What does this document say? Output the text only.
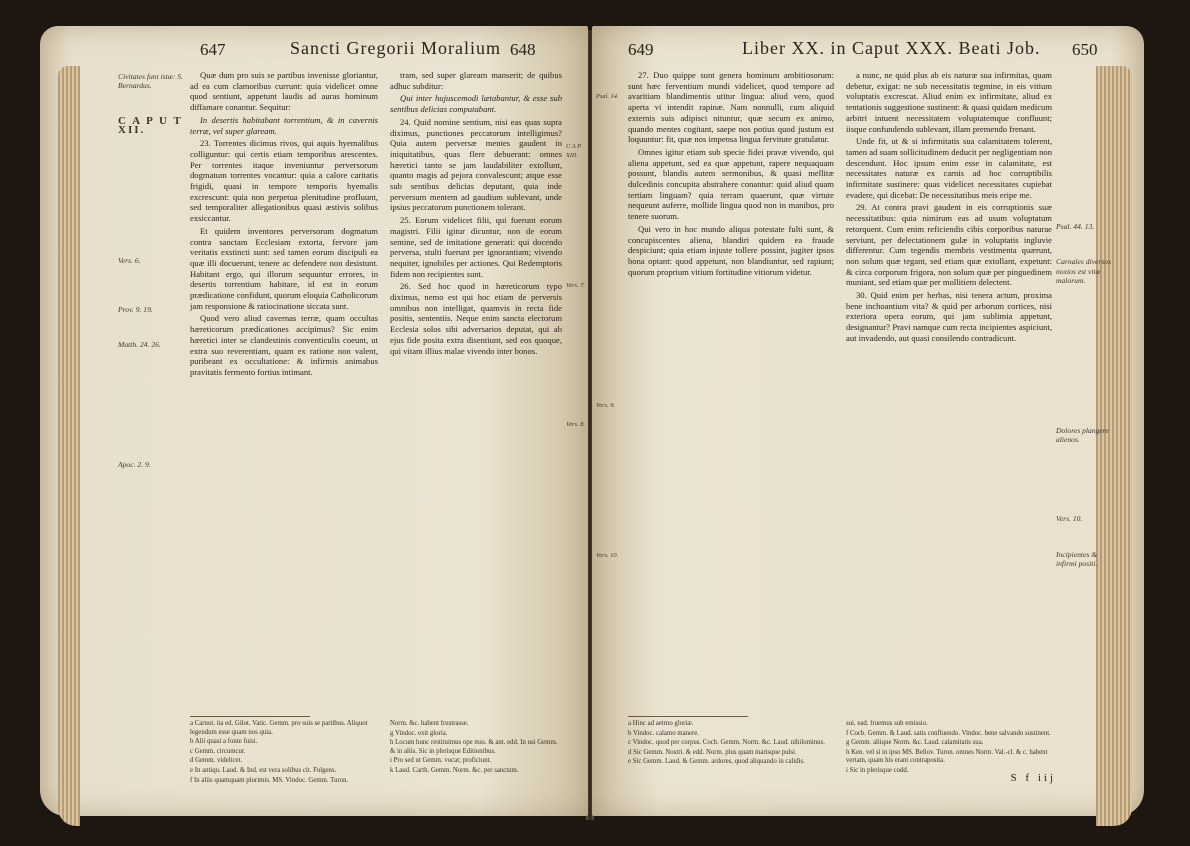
647	Sancti Gregorii Moralium 648
Civitates funt istæ: S. Bernardus.
C A P U T XII.
Vers. 6.
Prov. 9. 19.
Matth. 24. 26.
Apoc. 2. 9.
C A P. XIII.
Vers. 7.
Vers. 8.

Quæ dum pro suis se partibus invenisse gloriantur, ad ea cum clamoribus currunt: quia videlicet omne quod sentiunt, appetunt laudis ad auras hominum diffamare conantur. Sequitur:

In desertis habitabant torrentium, & in cavernis terræ, vel super glaream.

23. Torrentes dicimus rivos, qui aquis hyemalibus colliguntur: qui certis etiam temporibus arescentes. Per torrentes itaque inveniuntur perversorum dogmatum torrentes vocantur: quia a calore caritatis frigidi, quasi in tempore temporis hyemalis excrescunt: quia non perpetua plenitudine profluunt, sed temporaliter allegationibus quasi æstivis solibus exsiccantur.

Et quidem inventores perversorum dogmatum contra sanctam Ecclesiam extorta, fervore jam veritatis exstincti sunt: sed tamen eorum discipuli ea quæ illi docuerunt, tenere ac defendere non desistunt. Habitant ergo, qui illorum sequuntur errores, in desertis torrentium habitare, id est in eorum prædicatione confidunt, quorum eloquia Catholicorum jam responsione & ratiocinatione siccata sunt.

Quod vero aliud cavernas terræ, quam occultas hæreticorum prædicationes accipimus? Sic enim hæretici inter se clandestinis conventiculis coeunt, ut extra suo reverentiam, quam ex ratione non valent, puribeant ex occultatione: & infirmis animabus pravitatis fermento fortius intimant.

tram, sed super glaream manserit; de quibus adhuc subditur:

Qui inter hujuscemodi lætabantur, & esse sub sentibus delicias computabant.

24. Quid nomine sentium, nisi eas quas supra diximus, punctiones peccatorum intelligimus? Quia autem perversæ mentes gaudent in iniquitatibus, quas flere debuerant: omnes hæretici tanto se jam laudabiliter extollunt, quanto magis ad pejora convalescunt; atque esse sub sentibus delicias deputant, quia inde perversum mentem ad gaudium sublevant, unde ipsius peccatorum punctionem tolerant.

25. Eorum videlicet filii, qui fuerunt eorum magistri. Filii igitur dicuntur, non de eorum semine, sed de imitatione generati: qui docendo perversa, stulti fuerunt per ignorantiam; vivendo nequiter, ignobiles per actiones. Qui Redemptoris fidem non recipientes sunt.

26. Sed hoc quod in hæreticorum typo diximus, nemo est qui hoc etiam de perversis omnibus non intelligat, quamvis in recta fide positis, sententiis. Neque enim sancta electorum Ecclesia solos sibi adversarios deputat, qui ab ejus fide posita extra disentiunt, sed eos quoque, qui vitam illius malae vivendo inter bonos.

a Carnot. ita ed. Gilot. Vatic. Gemm. pro suis se partibus. Aliquot legendum esse quam nos quia.
b Alii quasi a fonte fuisi.
c Gemm. circumcur.
d Gemm. videlicet.
e In antiqu. Laud. & Ind. est vera solibus cit. Fulgens.
f In aliis quamquam plurimis. MS. Vindoc. Gemm. Turon.
Norm. &c. habent frustrasse.
g Vindoc. exit gloria.
h Locum hunc restituimus ope mss. & ant. edd. In usi Gemm. & in aliis. Sic in plerisque Editionibus.
i Pro sed ut Gemm. vocat; proficiunt.
k Laud. Carth. Gemm. Norm. &c. per sanctum.
649	Liber XX. in Caput XXX. Beati Job. 650
Psal. 14.
Vers. 9.
Vers. 10.
Psal. 44. 13.
Carnales diversos noxios est vitæ malorum.
Dolores plangere alienos.
Vers. 10.
Incipientes & infirmi positi.

27. Duo quippe sunt genera hominum ambitiosorum: sunt hæc ferventium mundi videlicet, quod tempore ad avaritiam blandimentis utitur lingua: aliud vero, quod aperta vi intendit rapinæ. Nam nonnulli, cum aliquid externis suis adipisci nituntur, quæ secum ex animo, quando mentes cogitant, saepe nos potius quod justum est loquuntur: fit, quæ nos impensa lingua fervitute gratulatur.

Omnes igitur etiam sub specie fidei pravæ vivendo, qui aliena appetunt, sed ea quæ appetunt, rapere nequaquam possunt, blandis autem sermonibus, & quasi mellitæ dulcedinis concupita abstrahere conantur: quid aliud quam tertiam linguam? quia terram quaerunt, quæ virtute nequeunt auferre, mollide lingua quod non in manibus, pro tenere suorum.

Qui vero in hoc mundo aliqua potestate fulti sunt, & concupiscentes aliena, blandiri quidem ea fraude despiciunt; quia etiam injuste tollere possint, jugiter ipsos bona optant: quod appetunt, non blandiuntur, sed rapiunt; quorum proprium vitium fortitudine vitiorum videtur.

a nunc, ne quid plus ab eis naturæ sua infirmitas, quam debetur, exigat: ne sub necessitatis tegmine, in eis vitium voluptatis excrescat. Aliud enim ex infirmitate, aliud ex tentationis suggestione sustinent: & quasi quidam medicum arbitri intuent necessitatem voluptatemque confluunt; iisque confundendo sublevant, illam premendo frenant.

Unde fit, ut & si infirmitatis sua calamitatem tolerent, tamen ad suam sollicitudinem deducit per negligentiam non descendunt. Hoc ipsum enim esse in calamitate, est necessitates naturæ ex carnis ad hoc corruptibilis infirmitate sustinere: quas videlicet necessitates cupiebat evadere, qui dicebat: De necessitatibus meis eripe me.

29. At contra pravi gaudent in eis corruptionis suæ necessitatibus: quia nimirum eas ad usum voluptatum retorquent. Cum enim reficiendis cibis corporibus naturae serviunt, per delectationem gulæ in voluptatis ingluvie differentur. Cum tegendis membris vestimenta quærunt, non solum quæ tegant, sed etiam quæ extollant, expetunt: & circa corporum frigora, non solum quæ per pinguedinem muniant, sed etiam quæ per mollitiem delectent.

30. Quid enim per herbas, nisi tenera actum, proxima bene inchoantium vita? & quid per arborum cortices, nisi exteriora opera eorum, qui jam sublimia appetunt, designantur? Pravi namque cum recta incipientes aspiciunt, aut invadendo, aut quasi consilendo contradicunt.

a Hinc ad aetrno gloriæ.
b Vindoc. calamo manere.
c Vindoc. quod per corpus. Cocb. Gemm. Norm. &c. Laud. nihilominus.
d Sic Gemm. Nostri. & edd. Norm. plus quam marisque pulsi.
e Sic Gemm. Laud. & Gemm. ardores, quod aliquando in calidis.
sui, ead. fruemus sub emissio.
f Cocb. Gemm. & Laud. satis confluendo. Vindoc. bene salvando sustinent.
g Gemm. aliique Norm. &c. Laud. calamitatis sua.
h Ken. vel si in ipso MS. Bellov. Turon. omnes Norm. Val.-cl. & c. habent vertam, quam his erant contraposita.
i Sic in plerisque codd.
S f iij
